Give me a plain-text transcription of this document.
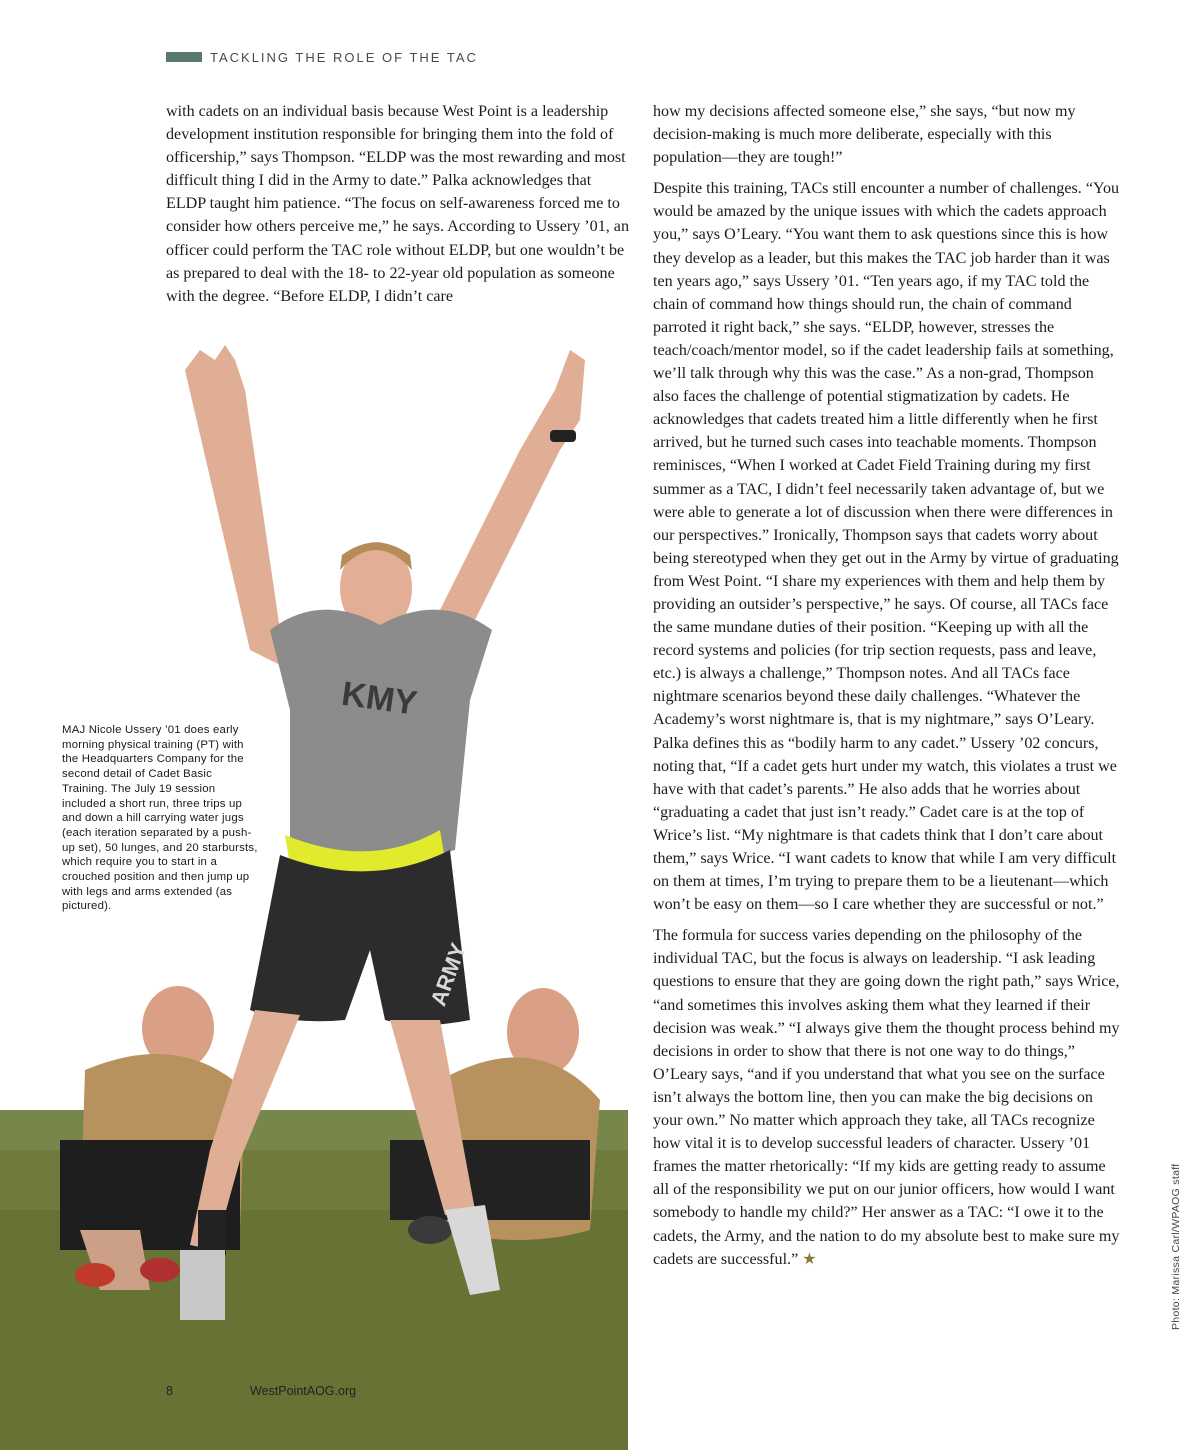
TACKLING THE ROLE OF THE TAC

with cadets on an individual basis because West Point is a leadership development institution responsible for bringing them into the fold of officership,” says Thompson. “ELDP was the most rewarding and most difficult thing I did in the Army to date.” Palka acknowledges that ELDP taught him patience. “The focus on self-awareness forced me to consider how others perceive me,” he says. According to Ussery ’01, an officer could perform the TAC role without ELDP, but one wouldn’t be as prepared to deal with the 18- to 22-year old population as someone with the degree. “Before ELDP, I didn’t care

how my decisions affected someone else,” she says, “but now my decision-making is much more deliberate, especially with this population—they are tough!”

Despite this training, TACs still encounter a number of challenges. “You would be amazed by the unique issues with which the cadets approach you,” says O’Leary. “You want them to ask questions since this is how they develop as a leader, but this makes the TAC job harder than it was ten years ago,” says Ussery ’01. “Ten years ago, if my TAC told the chain of command how things should run, the chain of command parroted it right back,” she says. “ELDP, however, stresses the teach/coach/mentor model, so if the cadet leadership fails at something, we’ll talk through why this was the case.” As a non-grad, Thompson also faces the challenge of potential stigmatization by cadets. He acknowledges that cadets treated him a little differently when he first arrived, but he turned such cases into teachable moments. Thompson reminisces, “When I worked at Cadet Field Training during my first summer as a TAC, I didn’t feel necessarily taken advantage of, but we were able to generate a lot of discussion when there were differences in our perspectives.” Ironically, Thompson says that cadets worry about being stereotyped when they get out in the Army by virtue of graduating from West Point. “I share my experiences with them and help them by providing an outsider’s perspective,” he says. Of course, all TACs face the same mundane duties of their position. “Keeping up with all the record systems and policies (for trip section requests, pass and leave, etc.) is always a challenge,” Thompson notes. And all TACs face nightmare scenarios beyond these daily challenges. “Whatever the Academy’s worst nightmare is, that is my nightmare,” says O’Leary. Palka defines this as “bodily harm to any cadet.” Ussery ’02 concurs, noting that, “If a cadet gets hurt under my watch, this violates a trust we have with that cadet’s parents.” He also adds that he worries about “graduating a cadet that just isn’t ready.” Cadet care is at the top of Wrice’s list. “My nightmare is that cadets think that I don’t care about them,” says Wrice. “I want cadets to know that while I am very difficult on them at times, I’m trying to prepare them to be a lieutenant—which won’t be easy on them—so I care whether they are successful or not.”

The formula for success varies depending on the philosophy of the individual TAC, but the focus is always on leadership. “I ask leading questions to ensure that they are going down the right path,” says Wrice, “and sometimes this involves asking them what they learned if their decision was weak.” “I always give them the thought process behind my decisions in order to show that there is not one way to do things,” O’Leary says, “and if you understand that what you see on the surface isn’t always the bottom line, then you can make the big decisions on your own.” No matter which approach they take, all TACs recognize how vital it is to develop successful leaders of character. Ussery ’01 frames the matter rhetorically: “If my kids are getting ready to assume all of the responsibility we put on our junior officers, how would I want somebody to handle my child?” Her answer as a TAC: “I owe it to the cadets, the Army, and the nation to do my absolute best to make sure my cadets are successful.” ★

KMY
ARMY
MAJ Nicole Ussery ’01 does early morning physical training (PT) with the Headquarters Company for the second detail of Cadet Basic Training. The July 19 session included a short run, three trips up and down a hill carrying water jugs (each iteration separated by a push-up set), 50 lunges, and 20 starbursts, which require you to start in a crouched position and then jump up with legs and arms extended (as pictured).
Photo: Marissa Carl/WPAOG staff
8	WestPointAOG.org
